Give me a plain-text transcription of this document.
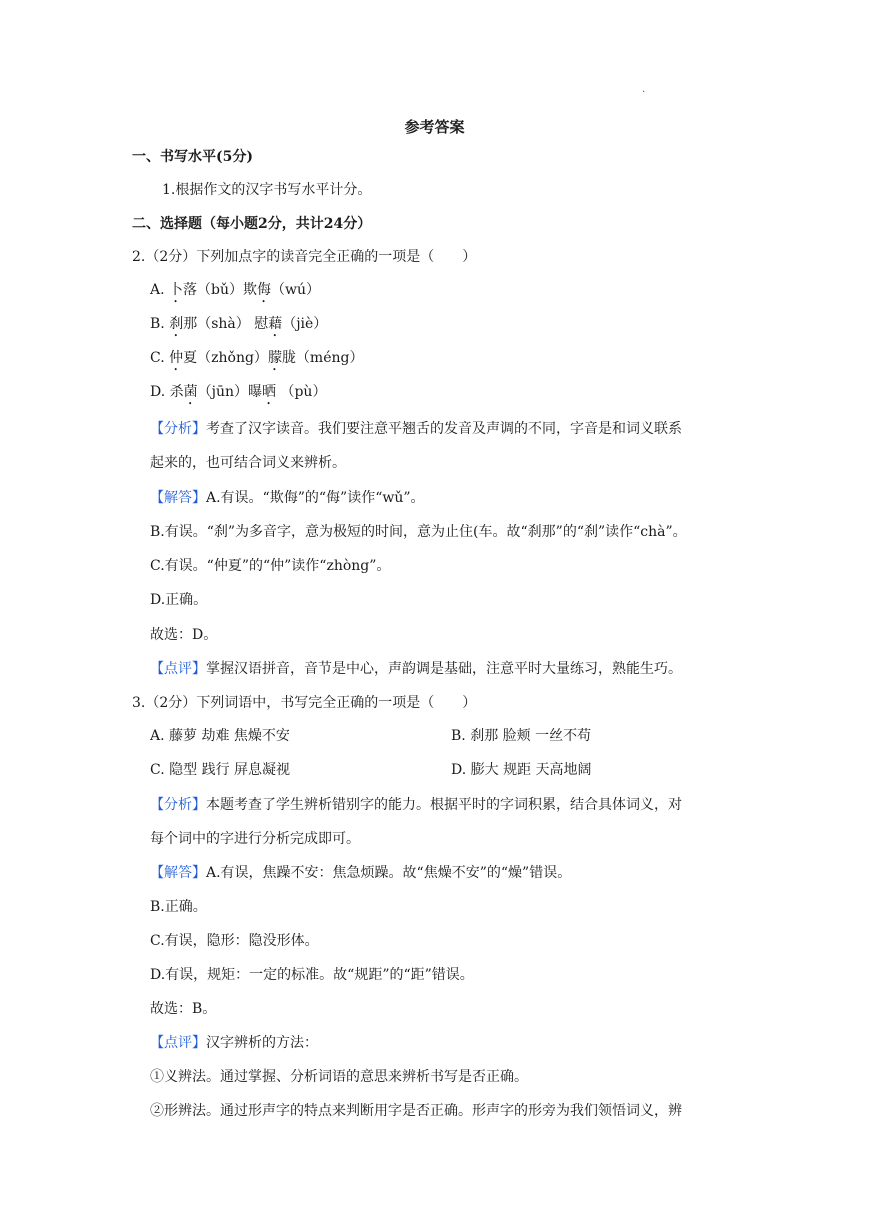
.
参考答案
一、书写水平(5分)
1.根据作文的汉字书写水平计分。
二、选择题（每小题2分，共计24分）
2.（2分）下列加点字的读音完全正确的一项是（　　）
A. 卜落（bǔ）欺侮（wú）
B. 刹那（shà） 慰藉（jiè）
C. 仲夏（zhǒng）朦胧（méng）
D. 杀菌（jūn）曝晒 （pù）
【分析】考查了汉字读音。我们要注意平翘舌的发音及声调的不同，字音是和词义联系
起来的，也可结合词义来辨析。
【解答】A.有误。“欺侮”的“侮”读作“wǔ”。
B.有误。“刹”为多音字，意为极短的时间，意为止住(车。故“刹那”的“刹”读作“chà”。
C.有误。“仲夏”的“仲”读作“zhòng”。
D.正确。
故选：D。
【点评】掌握汉语拼音，音节是中心，声韵调是基础，注意平时大量练习，熟能生巧。
3.（2分）下列词语中，书写完全正确的一项是（　　）
A. 藤萝 劫难 焦燥不安	B. 刹那 脸颊 一丝不苟
C. 隐型 践行 屏息凝视	D. 膨大 规距 天高地阔
【分析】本题考查了学生辨析错别字的能力。根据平时的字词积累，结合具体词义，对
每个词中的字进行分析完成即可。
【解答】A.有误，焦躁不安：焦急烦躁。故“焦燥不安”的“燥”错误。
B.正确。
C.有误，隐形：隐没形体。
D.有误，规矩：一定的标准。故“规距”的“距”错误。
故选：B。
【点评】汉字辨析的方法：
①义辨法。通过掌握、分析词语的意思来辨析书写是否正确。
②形辨法。通过形声字的特点来判断用字是否正确。形声字的形旁为我们领悟词义，辨
